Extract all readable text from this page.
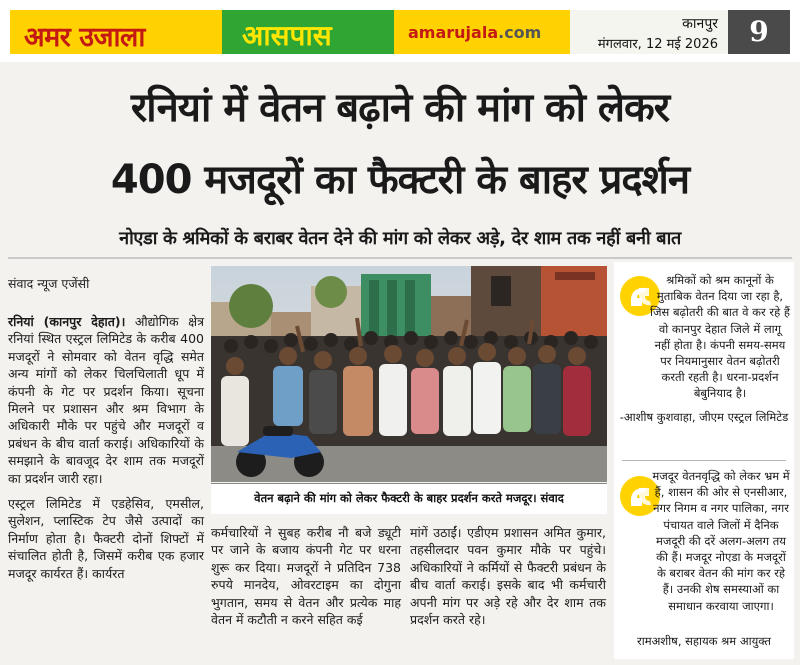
अमर उजाला	आसपास	amarujala.com	कानपुर
मंगलवार, 12 मई 2026	9
रनियां में वेतन बढ़ाने की मांग को लेकर
400 मजदूरों का फैक्टरी के बाहर प्रदर्शन
नोएडा के श्रमिकों के बराबर वेतन देने की मांग को लेकर अड़े, देर शाम तक नहीं बनी बात
संवाद न्यूज एजेंसी

रनियां (कानपुर देहात)। औद्योगिक क्षेत्र रनियां स्थित एस्ट्रल लिमिटेड के करीब 400 मजदूरों ने सोमवार को वेतन वृद्धि समेत अन्य मांगों को लेकर चिलचिलाती धूप में कंपनी के गेट पर प्रदर्शन किया। सूचना मिलने पर प्रशासन और श्रम विभाग के अधिकारी मौके पर पहुंचे और मजदूरों व प्रबंधन के बीच वार्ता कराई। अधिकारियों के समझाने के बावजूद देर शाम तक मजदूरों का प्रदर्शन जारी रहा।

एस्ट्रल लिमिटेड में एडहेसिव, एमसील, सुलेशन, प्लास्टिक टेप जैसे उत्पादों का निर्माण होता है। फैक्टरी दोनों शिफ्टों में संचालित होती है, जिसमें करीब एक हजार मजदूर कार्यरत हैं। कार्यरत

वेतन बढ़ाने की मांग को लेकर फैक्टरी के बाहर प्रदर्शन करते मजदूर। संवाद
कर्मचारियों ने सुबह करीब नौ बजे ड्यूटी पर जाने के बजाय कंपनी गेट पर धरना शुरू कर दिया। मजदूरों ने प्रतिदिन 738 रुपये मानदेय, ओवरटाइम का दोगुना भुगतान, समय से वेतन और प्रत्येक माह वेतन में कटौती न करने सहित कई
मांगें उठाईं। एडीएम प्रशासन अमित कुमार, तहसीलदार पवन कुमार मौके पर पहुंचे। अधिकारियों ने कर्मियों से फैक्टरी प्रबंधन के बीच वार्ता कराई। इसके बाद भी कर्मचारी अपनी मांग पर अड़े रहे और देर शाम तक प्रदर्शन करते रहे।
श्रमिकों को श्रम कानूनों के मुताबिक वेतन दिया जा रहा है, जिस बढ़ोतरी की बात वे कर रहे हैं वो कानपुर देहात जिले में लागू नहीं होता है। कंपनी समय-समय पर नियमानुसार वेतन बढ़ोतरी करती रहती है। धरना-प्रदर्शन बेबुनियाद है।
-आशीष कुशवाहा, जीएम एस्ट्रल लिमिटेड
मजदूर वेतनवृद्धि को लेकर भ्रम में हैं, शासन की ओर से एनसीआर, नगर निगम व नगर पालिका, नगर पंचायत वाले जिलों में दैनिक मजदूरी की दरें अलग-अलग तय की हैं। मजदूर नोएडा के मजदूरों के बराबर वेतन की मांग कर रहे हैं। उनकी शेष समस्याओं का समाधान करवाया जाएगा।
रामअशीष, सहायक श्रम आयुक्त
